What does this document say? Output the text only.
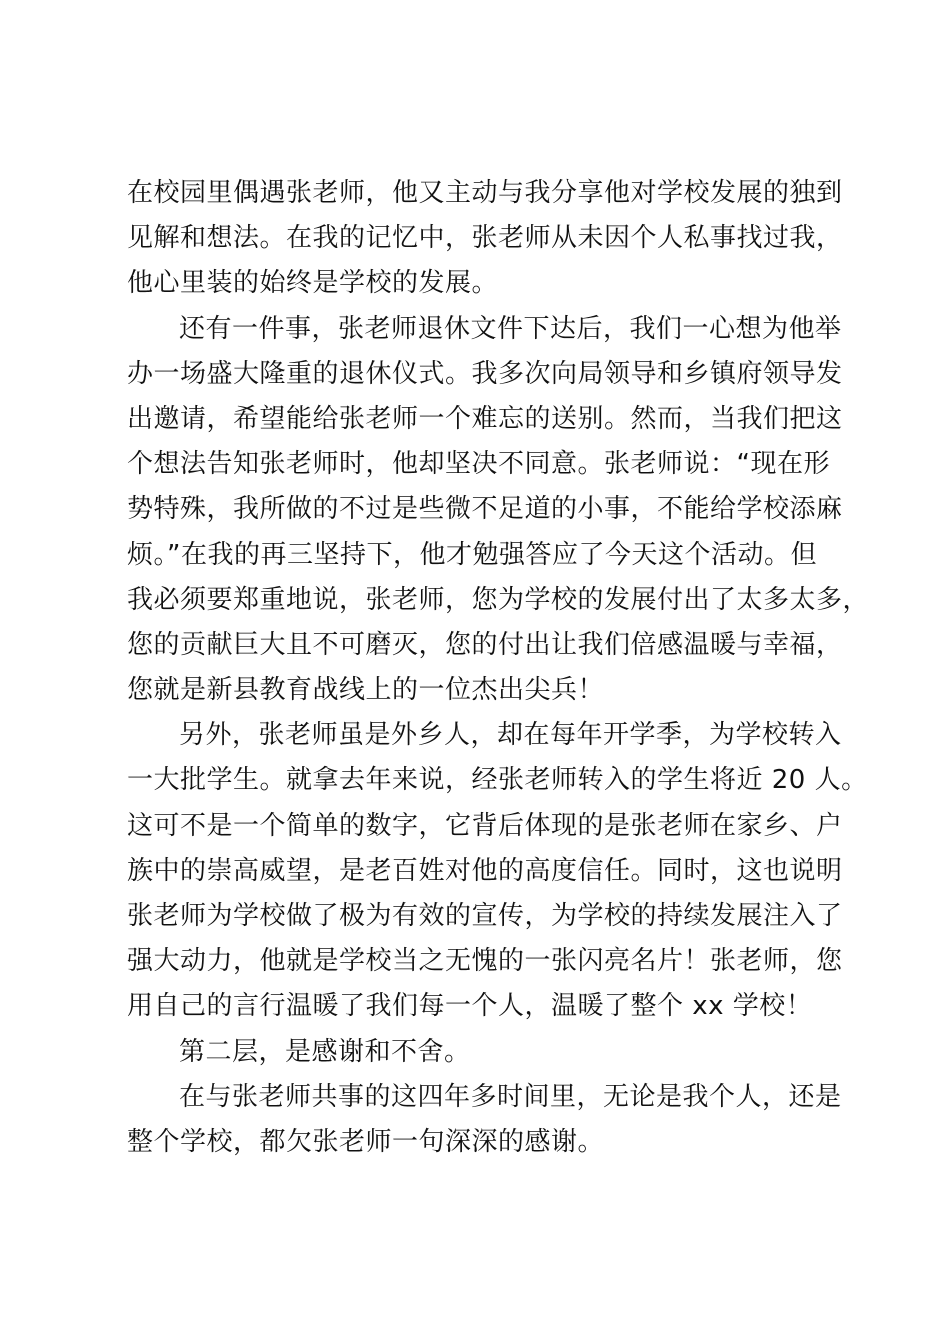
在校园里偶遇张老师，他又主动与我分享他对学校发展的独到
见解和想法。在我的记忆中，张老师从未因个人私事找过我，
他心里装的始终是学校的发展。
还有一件事，张老师退休文件下达后，我们一心想为他举
办一场盛大隆重的退休仪式。我多次向局领导和乡镇府领导发
出邀请，希望能给张老师一个难忘的送别。然而，当我们把这
个想法告知张老师时，他却坚决不同意。张老师说：“现在形
势特殊，我所做的不过是些微不足道的小事，不能给学校添麻
烦。”在我的再三坚持下，他才勉强答应了今天这个活动。但
我必须要郑重地说，张老师，您为学校的发展付出了太多太多，
您的贡献巨大且不可磨灭，您的付出让我们倍感温暖与幸福，
您就是新县教育战线上的一位杰出尖兵！
另外，张老师虽是外乡人，却在每年开学季，为学校转入
一大批学生。就拿去年来说，经张老师转入的学生将近 20 人。
这可不是一个简单的数字，它背后体现的是张老师在家乡、户
族中的崇高威望，是老百姓对他的高度信任。同时，这也说明
张老师为学校做了极为有效的宣传，为学校的持续发展注入了
强大动力，他就是学校当之无愧的一张闪亮名片！张老师，您
用自己的言行温暖了我们每一个人，温暖了整个 xx 学校！
第二层，是感谢和不舍。
在与张老师共事的这四年多时间里，无论是我个人，还是
整个学校，都欠张老师一句深深的感谢。
